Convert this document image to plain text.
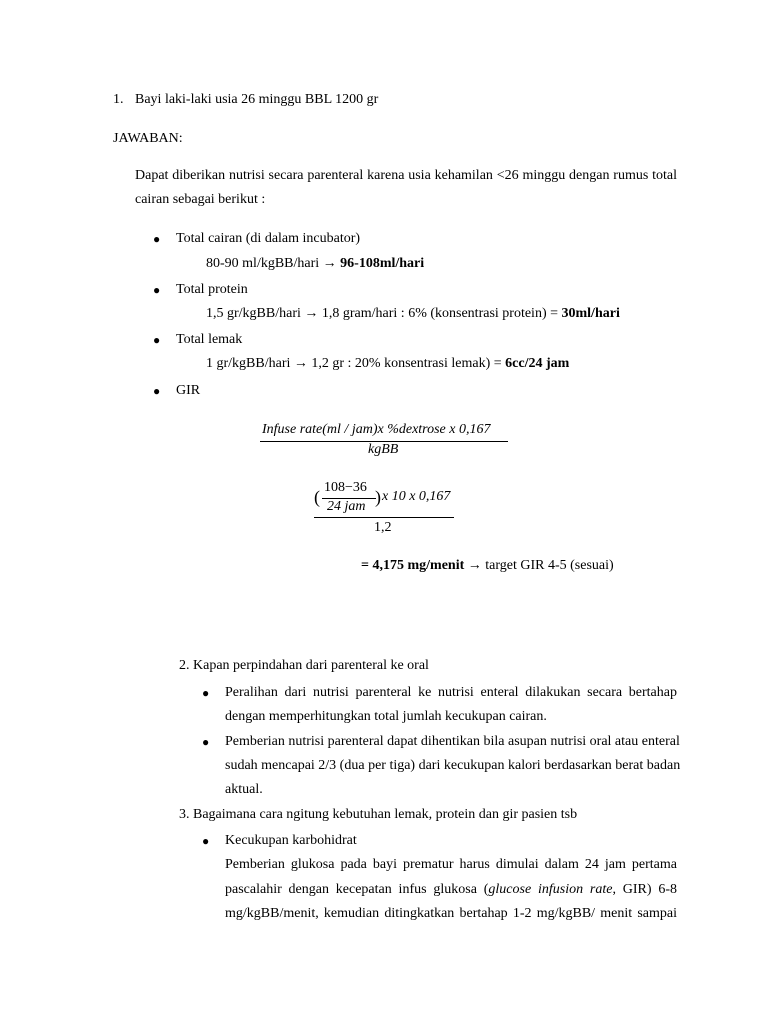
1. Bayi laki-laki usia 26 minggu BBL 1200 gr
JAWABAN:
Dapat diberikan nutrisi secara parenteral karena usia kehamilan <26 minggu dengan rumus total
cairan sebagai berikut :
● Total cairan (di dalam incubator)
80-90 ml/kgBB/hari → 96-108ml/hari
● Total protein
1,5 gr/kgBB/hari → 1,8 gram/hari : 6% (konsentrasi protein) = 30ml/hari
● Total lemak
1 gr/kgBB/hari → 1,2 gr : 20% konsentrasi lemak) = 6cc/24 jam
● GIR
Infuse rate(ml / jam)x %dextrose x 0,167
kgBB
( 108−36
24 jam ) x 10 x 0,167
1,2
= 4,175 mg/menit → target GIR 4-5 (sesuai)
2. Kapan perpindahan dari parenteral ke oral
● Peralihan dari nutrisi parenteral ke nutrisi enteral dilakukan secara bertahap
dengan memperhitungkan total jumlah kecukupan cairan.
● Pemberian nutrisi parenteral dapat dihentikan bila asupan nutrisi oral atau enteral
sudah mencapai 2/3 (dua per tiga) dari kecukupan kalori berdasarkan berat badan
aktual.
3. Bagaimana cara ngitung kebutuhan lemak, protein dan gir pasien tsb
● Kecukupan karbohidrat
Pemberian glukosa pada bayi prematur harus dimulai dalam 24 jam pertama
pascalahir dengan kecepatan infus glukosa (glucose infusion rate, GIR) 6-8
mg/kgBB/menit, kemudian ditingkatkan bertahap 1-2 mg/kgBB/ menit sampai
